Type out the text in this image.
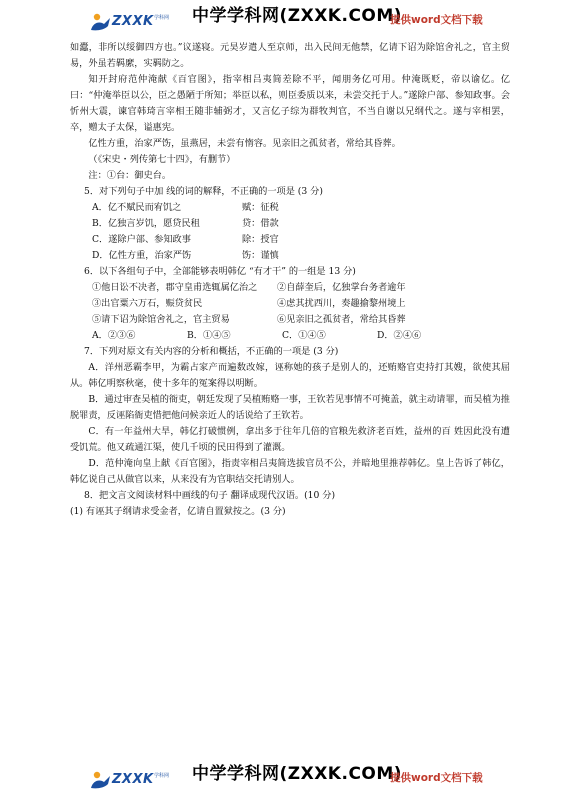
ZXXK 学科网 中学学科网(ZXXK.COM)
提供word文档下载

如蠹，非所以绥御四方也。”议遂寝。元昊岁遣人至京师，出入民间无他禁，亿请下诏为除馆舍礼之，官主贸易，外虽若羁縻，实羁防之。

知开封府范仲淹献《百官图》，指宰相吕夷简差除不平，闻朋务亿可用。仲淹既贬，帝以谕亿。亿曰：“仲淹举臣以公，臣之愚陋于所知；举臣以私，则臣委质以来，未尝交托于人。”遂除户部、参知政事。会忻州大震，谏官韩琦言宰相王随非辅弼才，又言亿子综为群牧判官，不当自谢以兄纲代之。遂与宰相罢，卒，赠太子太保，谥惠宪。

亿性方重，治家严饬，虽燕居，未尝有惰容。见亲旧之孤贫者，常给其昏葬。

（《宋史・列传第七十四》，有删节）

注：①台：御史台。

5．对下列句子中加 线的词的解释，不正确的一项是 (3 分)

A．亿不赋民而宥饥之	赋：征税

B．亿独言岁饥，愿贷民租	贷：借款

C．遂除户部、参知政事	除：授官

D．亿性方重，治家严饬	饬：谨慎

6．以下各组句子中，全部能够表明韩亿 “有才干” 的一组是 13 分)

①他日讼不决者，郡守皇甫选辄属亿治之 ②自薛奎后，亿独掌台务者逾年

③出官粟六万石，赈贷贫民	④虑其扰西川，奏趣揄黎州境上

⑤请下诏为除馆舍礼之，官主贸易	⑥见亲旧之孤贫者，常给其昏葬

A．②③⑥	B．①④⑤	C．①④⑤	D．②④⑥

7．下列对原文有关内容的分析和概括，不正确的一项是 (3 分)

A．洋州恶霸李甲，为霸占家产而遍数改嫁，诬称她的孩子是别人的，还贿赂官吏持打其嫂，欲使其屈从。韩亿明察秋毫，使十多年的冤案得以明断。

B．通过审查吴植的衙吏，朝廷发现了吴植贿赂一事，王钦若见事情不可掩盖，就主动请罪，而吴植为推脱罪责，反诬陷衙吏惜把他问候亲近人的话说给了王钦若。

C．有一年益州大旱，韩亿打破惯例，拿出多于往年几倍的官粮先救济老百姓，益州的百 姓因此没有遭受饥荒。他又疏通江渠，使几千顷的民田得到了灌溉。

D．范仲淹向皇上献《百官图》，指责宰相吕夷简选拔官员不公，并暗地里推荐韩亿。皇上告诉了韩亿，韩亿说自己从做官以来，从来没有为官职结交托请别人。

8．把文言文阅读材料中画线的句子 翻译成现代汉语。(10 分)

(1) 有诬其子纲请求受金者，亿请自置狱按之。(3 分)

ZXXK 学科网 中学学科网(ZXXK.COM)
提供word文档下载
